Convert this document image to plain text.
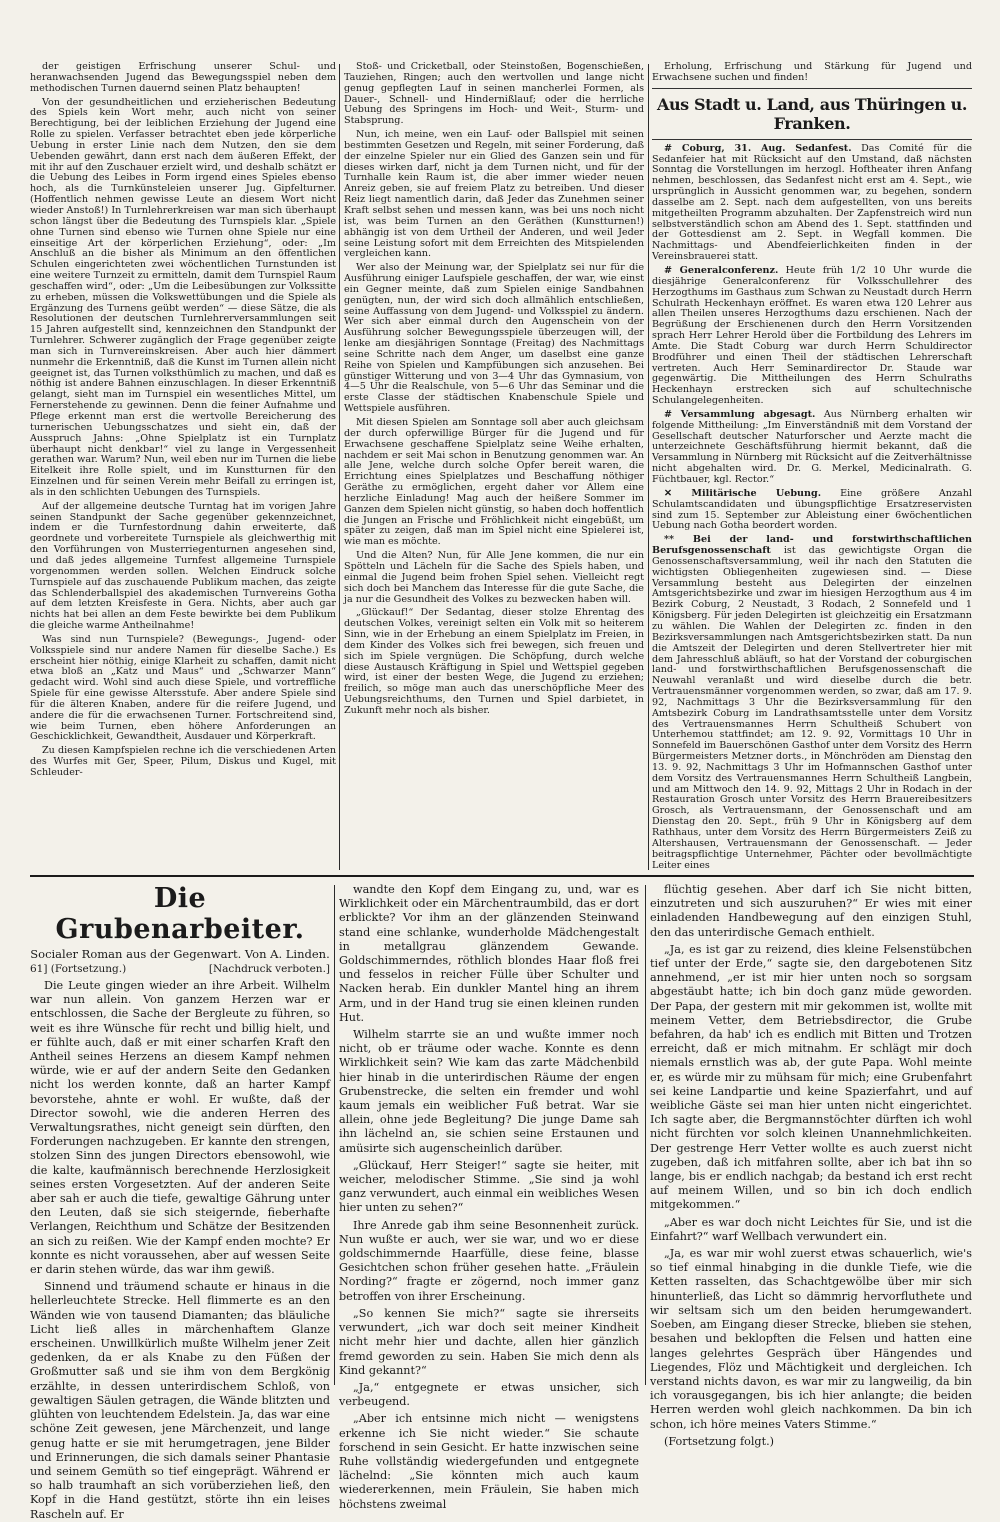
der geistigen Erfrischung unserer Schul- und heranwachsenden Jugend das Bewegungsspiel neben dem methodischen Turnen dauernd seinen Platz behaupten!

Von der gesundheitlichen und erzieherischen Bedeutung des Spiels kein Wort mehr, auch nicht von seiner Berechtigung, bei der leiblichen Erziehung der Jugend eine Rolle zu spielen. Verfasser betrachtet eben jede körperliche Uebung in erster Linie nach dem Nutzen, den sie dem Uebenden gewährt, dann erst nach dem äußeren Effekt, der mit ihr auf den Zuschauer erzielt wird, und deshalb schätzt er die Uebung des Leibes in Form irgend eines Spieles ebenso hoch, als die Turnkünsteleien unserer Jug. Gipfelturner. (Hoffentlich nehmen gewisse Leute an diesem Wort nicht wieder Anstoß!) In Turnlehrerkreisen war man sich überhaupt schon längst über die Bedeutung des Turnspiels klar. „Spiele ohne Turnen sind ebenso wie Turnen ohne Spiele nur eine einseitige Art der körperlichen Erziehung“, oder: „Im Anschluß an die bisher als Minimum an den öffentlichen Schulen eingerichteten zwei wöchentlichen Turnstunden ist eine weitere Turnzeit zu ermitteln, damit dem Turnspiel Raum geschaffen wird“, oder: „Um die Leibesübungen zur Volkssitte zu erheben, müssen die Volkswettübungen und die Spiele als Ergänzung des Turnens geübt werden“ — diese Sätze, die als Resolutionen der deutschen Turnlehrerversammlungen seit 15 Jahren aufgestellt sind, kennzeichnen den Standpunkt der Turnlehrer. Schwerer zugänglich der Frage gegenüber zeigte man sich in Turnvereinskreisen. Aber auch hier dämmert nunmehr die Erkenntniß, daß die Kunst im Turnen allein nicht geeignet ist, das Turnen volksthümlich zu machen, und daß es nöthig ist andere Bahnen einzuschlagen. In dieser Erkenntniß gelangt, sieht man im Turnspiel ein wesentliches Mittel, um Fernerstehende zu gewinnen. Denn die feiner Aufnahme und Pflege erkennt man erst die wertvolle Bereicherung des turnerischen Uebungsschatzes und sieht ein, daß der Ausspruch Jahns: „Ohne Spielplatz ist ein Turnplatz überhaupt nicht denkbar!“ viel zu lange in Vergessenheit gerathen war. Warum? Nun, weil eben nur im Turnen die liebe Eitelkeit ihre Rolle spielt, und im Kunstturnen für den Einzelnen und für seinen Verein mehr Beifall zu erringen ist, als in den schlichten Uebungen des Turnspiels.

Auf der allgemeine deutsche Turntag hat im vorigen Jahre seinen Standpunkt der Sache gegenüber gekennzeichnet, indem er die Turnfestordnung dahin erweiterte, daß geordnete und vorbereitete Turnspiele als gleichwerthig mit den Vorführungen von Musterriegenturnen angesehen sind, und daß jedes allgemeine Turnfest allgemeine Turnspiele vorgenommen werden sollen. Welchen Eindruck solche Turnspiele auf das zuschauende Publikum machen, das zeigte das Schlenderballspiel des akademischen Turnvereins Gotha auf dem letzten Kreisfeste in Gera. Nichts, aber auch gar nichts hat bei allen an dem Feste bewirkte bei dem Publikum die gleiche warme Antheilnahme!

Was sind nun Turnspiele? (Bewegungs-, Jugend- oder Volksspiele sind nur andere Namen für dieselbe Sache.) Es erscheint hier nöthig, einige Klarheit zu schaffen, damit nicht etwa bloß an „Katz und Maus“ und „Schwarzer Mann“ gedacht wird. Wohl sind auch diese Spiele, und vortreffliche Spiele für eine gewisse Altersstufe. Aber andere Spiele sind für die älteren Knaben, andere für die reifere Jugend, und andere die für die erwachsenen Turner. Fortschreitend sind, wie beim Turnen, eben höhere Anforderungen an Geschicklichkeit, Gewandtheit, Ausdauer und Körperkraft.

Zu diesen Kampfspielen rechne ich die verschiedenen Arten des Wurfes mit Ger, Speer, Pilum, Diskus und Kugel, mit Schleuder-

Stoß- und Cricketball, oder Steinstoßen, Bogenschießen, Tauziehen, Ringen; auch den wertvollen und lange nicht genug gepflegten Lauf in seinen mancherlei Formen, als Dauer-, Schnell- und Hindernißlauf; oder die herrliche Uebung des Springens im Hoch- und Weit-, Sturm- und Stabsprung.

Nun, ich meine, wen ein Lauf- oder Ballspiel mit seinen bestimmten Gesetzen und Regeln, mit seiner Forderung, daß der einzelne Spieler nur ein Glied des Ganzen sein und für dieses wirken darf, nicht ja dem Turnen nicht, und für der Turnhalle kein Raum ist, die aber immer wieder neuen Anreiz geben, sie auf freiem Platz zu betreiben. Und dieser Reiz liegt namentlich darin, daß Jeder das Zunehmen seiner Kraft selbst sehen und messen kann, was bei uns noch nicht ist, was beim Turnen an den Geräthen (Kunstturnen!) abhängig ist von dem Urtheil der Anderen, und weil Jeder seine Leistung sofort mit dem Erreichten des Mitspielenden vergleichen kann.

Wer also der Meinung war, der Spielplatz sei nur für die Ausführung einiger Laufspiele geschaffen, der war, wie einst ein Gegner meinte, daß zum Spielen einige Sandbahnen genügten, nun, der wird sich doch allmählich entschließen, seine Auffassung von dem Jugend- und Volksspiel zu ändern. Wer sich aber einmal durch den Augenschein von der Ausführung solcher Bewegungsspiele überzeugen will, der lenke am diesjährigen Sonntage (Freitag) des Nachmittags seine Schritte nach dem Anger, um daselbst eine ganze Reihe von Spielen und Kampfübungen sich anzusehen. Bei günstiger Witterung und von 3—4 Uhr das Gymnasium, von 4—5 Uhr die Realschule, von 5—6 Uhr das Seminar und die erste Classe der städtischen Knabenschule Spiele und Wettspiele ausführen.

Mit diesen Spielen am Sonntage soll aber auch gleichsam der durch opferwillige Bürger für die Jugend und für Erwachsene geschaffene Spielplatz seine Weihe erhalten, nachdem er seit Mai schon in Benutzung genommen war. An alle Jene, welche durch solche Opfer bereit waren, die Errichtung eines Spielplatzes und Beschaffung nöthiger Geräthe zu ermöglichen, ergeht daher vor Allem eine herzliche Einladung! Mag auch der heißere Sommer im Ganzen dem Spielen nicht günstig, so haben doch hoffentlich die Jungen an Frische und Fröhlichkeit nicht eingebüßt, um später zu zeigen, daß man im Spiel nicht eine Spielerei ist, wie man es möchte.

Und die Alten? Nun, für Alle Jene kommen, die nur ein Spötteln und Lächeln für die Sache des Spiels haben, und einmal die Jugend beim frohen Spiel sehen. Vielleicht regt sich doch bei Manchem das Interesse für die gute Sache, die ja nur die Gesundheit des Volkes zu bezwecken haben will.

„Glückauf!“ Der Sedantag, dieser stolze Ehrentag des deutschen Volkes, vereinigt selten ein Volk mit so heiterem Sinn, wie in der Erhebung an einem Spielplatz im Freien, in dem Kinder des Volkes sich frei bewegen, sich freuen und sich im Spiele vergnügen. Die Schöpfung, durch welche diese Austausch Kräftigung in Spiel und Wettspiel gegeben wird, ist einer der besten Wege, die Jugend zu erziehen; freilich, so möge man auch das unerschöpfliche Meer des Uebungsreichthums, den Turnen und Spiel darbietet, in Zukunft mehr noch als bisher.

Erholung, Erfrischung und Stärkung für Jugend und Erwachsene suchen und finden!

Aus Stadt u. Land, aus Thüringen u. Franken.

# Coburg, 31. Aug. Sedanfest. Das Comité für die Sedanfeier hat mit Rücksicht auf den Umstand, daß nächsten Sonntag die Vorstellungen im herzogl. Hoftheater ihren Anfang nehmen, beschlossen, das Sedanfest nicht erst am 4. Sept., wie ursprünglich in Aussicht genommen war, zu begehen, sondern dasselbe am 2. Sept. nach dem aufgestellten, von uns bereits mitgetheilten Programm abzuhalten. Der Zapfenstreich wird nun selbstverständlich schon am Abend des 1. Sept. stattfinden und der Gottesdienst am 2. Sept. in Wegfall kommen. Die Nachmittags- und Abendfeierlichkeiten finden in der Vereinsbrauerei statt.

# Generalconferenz. Heute früh 1/2 10 Uhr wurde die diesjährige Generalconferenz für Volksschullehrer des Herzogthums im Gasthaus zum Schwan zu Neustadt durch Herrn Schulrath Heckenhayn eröffnet. Es waren etwa 120 Lehrer aus allen Theilen unseres Herzogthums dazu erschienen. Nach der Begrüßung der Erschienenen durch den Herrn Vorsitzenden sprach Herr Lehrer Herold über die Fortbildung des Lehrers im Amte. Die Stadt Coburg war durch Herrn Schuldirector Brodführer und einen Theil der städtischen Lehrerschaft vertreten. Auch Herr Seminardirector Dr. Staude war gegenwärtig. Die Mittheilungen des Herrn Schulraths Heckenhayn erstrecken sich auf schultechnische Schulangelegenheiten.

# Versammlung abgesagt. Aus Nürnberg erhalten wir folgende Mittheilung: „Im Einverständniß mit dem Vorstand der Gesellschaft deutscher Naturforscher und Aerzte macht die unterzeichnete Geschäftsführung hiermit bekannt, daß die Versammlung in Nürnberg mit Rücksicht auf die Zeitverhältnisse nicht abgehalten wird. Dr. G. Merkel, Medicinalrath. G. Füchtbauer, kgl. Rector.“

✕ Militärische Uebung. Eine größere Anzahl Schulamtscandidaten und übungspflichtige Ersatzreservisten sind zum 15. September zur Ableistung einer 6wöchentlichen Uebung nach Gotha beordert worden.

** Bei der land- und forstwirthschaftlichen Berufsgenossenschaft ist das gewichtigste Organ die Genossenschaftsversammlung, weil ihr nach den Statuten die wichtigsten Obliegenheiten zugewiesen sind. — Diese Versammlung besteht aus Delegirten der einzelnen Amtsgerichtsbezirke und zwar im hiesigen Herzogthum aus 4 im Bezirk Coburg, 2 Neustadt, 3 Rodach, 2 Sonnefeld und 1 Königsberg. Für jeden Delegirten ist gleichzeitig ein Ersatzmann zu wählen. Die Wahlen der Delegirten zc. finden in den Bezirksversammlungen nach Amtsgerichtsbezirken statt. Da nun die Amtszeit der Delegirten und deren Stellvertreter hier mit dem Jahresschluß abläuft, so hat der Vorstand der coburgischen land- und forstwirthschaftlichen Berufsgenossenschaft die Neuwahl veranlaßt und wird dieselbe durch die betr. Vertrauensmänner vorgenommen werden, so zwar, daß am 17. 9. 92, Nachmittags 3 Uhr die Bezirksversammlung für den Amtsbezirk Coburg im Landrathsamtsstelle unter dem Vorsitz des Vertrauensmannes Herrn Schultheiß Schubert von Unterhemou stattfindet; am 12. 9. 92, Vormittags 10 Uhr in Sonnefeld im Bauerschönen Gasthof unter dem Vorsitz des Herrn Bürgermeisters Metzner dorts., in Mönchröden am Dienstag den 13. 9. 92, Nachmittags 3 Uhr im Hofmannschen Gasthof unter dem Vorsitz des Vertrauensmannes Herrn Schultheiß Langbein, und am Mittwoch den 14. 9. 92, Mittags 2 Uhr in Rodach in der Restauration Grosch unter Vorsitz des Herrn Brauereibesitzers Grosch, als Vertrauensmann, der Genossenschaft und am Dienstag den 20. Sept., früh 9 Uhr in Königsberg auf dem Rathhaus, unter dem Vorsitz des Herrn Bürgermeisters Zeiß zu Altershausen, Vertrauensmann der Genossenschaft. — Jeder beitragspflichtige Unternehmer, Pächter oder bevollmächtigte Leiter eines

Die Grubenarbeiter.
Socialer Roman aus der Gegenwart. Von A. Linden.
61] (Fortsetzung.)	[Nachdruck verboten.]

Die Leute gingen wieder an ihre Arbeit. Wilhelm war nun allein. Von ganzem Herzen war er entschlossen, die Sache der Bergleute zu führen, so weit es ihre Wünsche für recht und billig hielt, und er fühlte auch, daß er mit einer scharfen Kraft den Antheil seines Herzens an diesem Kampf nehmen würde, wie er auf der andern Seite den Gedanken nicht los werden konnte, daß an harter Kampf bevorstehe, ahnte er wohl. Er wußte, daß der Director sowohl, wie die anderen Herren des Verwaltungsrathes, nicht geneigt sein dürften, den Forderungen nachzugeben. Er kannte den strengen, stolzen Sinn des jungen Directors ebensowohl, wie die kalte, kaufmännisch berechnende Herzlosigkeit seines ersten Vorgesetzten. Auf der anderen Seite aber sah er auch die tiefe, gewaltige Gährung unter den Leuten, daß sie sich steigernde, fieberhafte Verlangen, Reichthum und Schätze der Besitzenden an sich zu reißen. Wie der Kampf enden mochte? Er konnte es nicht voraussehen, aber auf wessen Seite er darin stehen würde, das war ihm gewiß.

Sinnend und träumend schaute er hinaus in die hellerleuchtete Strecke. Hell flimmerte es an den Wänden wie von tausend Diamanten; das bläuliche Licht ließ alles in märchenhaftem Glanze erscheinen. Unwillkürlich mußte Wilhelm jener Zeit gedenken, da er als Knabe zu den Füßen der Großmutter saß und sie ihm von dem Bergkönig erzählte, in dessen unterirdischem Schloß, von gewaltigen Säulen getragen, die Wände blitzten und glühten von leuchtendem Edelstein. Ja, das war eine schöne Zeit gewesen, jene Märchenzeit, und lange genug hatte er sie mit herumgetragen, jene Bilder und Erinnerungen, die sich damals seiner Phantasie und seinem Gemüth so tief eingeprägt. Während er so halb traumhaft an sich vorüberziehen ließ, den Kopf in die Hand gestützt, störte ihn ein leises Rascheln auf. Er

wandte den Kopf dem Eingang zu, und, war es Wirklichkeit oder ein Märchentraumbild, das er dort erblickte? Vor ihm an der glänzenden Steinwand stand eine schlanke, wunderholde Mädchengestalt in metallgrau glänzendem Gewande. Goldschimmerndes, röthlich blondes Haar floß frei und fesselos in reicher Fülle über Schulter und Nacken herab. Ein dunkler Mantel hing an ihrem Arm, und in der Hand trug sie einen kleinen runden Hut.

Wilhelm starrte sie an und wußte immer noch nicht, ob er träume oder wache. Konnte es denn Wirklichkeit sein? Wie kam das zarte Mädchenbild hier hinab in die unterirdischen Räume der engen Grubenstrecke, die selten ein fremder und wohl kaum jemals ein weiblicher Fuß betrat. War sie allein, ohne jede Begleitung? Die junge Dame sah ihn lächelnd an, sie schien seine Erstaunen und amüsirte sich augenscheinlich darüber.

„Glückauf, Herr Steiger!“ sagte sie heiter, mit weicher, melodischer Stimme. „Sie sind ja wohl ganz verwundert, auch einmal ein weibliches Wesen hier unten zu sehen?“

Ihre Anrede gab ihm seine Besonnenheit zurück. Nun wußte er auch, wer sie war, und wo er diese goldschimmernde Haarfülle, diese feine, blasse Gesichtchen schon früher gesehen hatte. „Fräulein Nording?“ fragte er zögernd, noch immer ganz betroffen von ihrer Erscheinung.

„So kennen Sie mich?“ sagte sie ihrerseits verwundert, „ich war doch seit meiner Kindheit nicht mehr hier und dachte, allen hier gänzlich fremd geworden zu sein. Haben Sie mich denn als Kind gekannt?“

„Ja,“ entgegnete er etwas unsicher, sich verbeugend.

„Aber ich entsinne mich nicht — wenigstens erkenne ich Sie nicht wieder.“ Sie schaute forschend in sein Gesicht. Er hatte inzwischen seine Ruhe vollständig wiedergefunden und entgegnete lächelnd: „Sie könnten mich auch kaum wiedererkennen, mein Fräulein, Sie haben mich höchstens zweimal

flüchtig gesehen. Aber darf ich Sie nicht bitten, einzutreten und sich auszuruhen?“ Er wies mit einer einladenden Handbewegung auf den einzigen Stuhl, den das unterirdische Gemach enthielt.

„Ja, es ist gar zu reizend, dies kleine Felsenstübchen tief unter der Erde,“ sagte sie, den dargebotenen Sitz annehmend, „er ist mir hier unten noch so sorgsam abgestäubt hatte; ich bin doch ganz müde geworden. Der Papa, der gestern mit mir gekommen ist, wollte mit meinem Vetter, dem Betriebsdirector, die Grube befahren, da hab' ich es endlich mit Bitten und Trotzen erreicht, daß er mich mitnahm. Er schlägt mir doch niemals ernstlich was ab, der gute Papa. Wohl meinte er, es würde mir zu mühsam für mich; eine Grubenfahrt sei keine Landpartie und keine Spazierfahrt, und auf weibliche Gäste sei man hier unten nicht eingerichtet. Ich sagte aber, die Bergmannstöchter dürften ich wohl nicht fürchten vor solch kleinen Unannehmlichkeiten. Der gestrenge Herr Vetter wollte es auch zuerst nicht zugeben, daß ich mitfahren sollte, aber ich bat ihn so lange, bis er endlich nachgab; da bestand ich erst recht auf meinem Willen, und so bin ich doch endlich mitgekommen.“

„Aber es war doch nicht Leichtes für Sie, und ist die Einfahrt?“ warf Wellbach verwundert ein.

„Ja, es war mir wohl zuerst etwas schauerlich, wie's so tief einmal hinabging in die dunkle Tiefe, wie die Ketten rasselten, das Schachtgewölbe über mir sich hinunterließ, das Licht so dämmrig hervorfluthete und wir seltsam sich um den beiden herumgewandert. Soeben, am Eingang dieser Strecke, blieben sie stehen, besahen und beklopften die Felsen und hatten eine langes gelehrtes Gespräch über Hängendes und Liegendes, Flöz und Mächtigkeit und dergleichen. Ich verstand nichts davon, es war mir zu langweilig, da bin ich vorausgegangen, bis ich hier anlangte; die beiden Herren werden wohl gleich nachkommen. Da bin ich schon, ich höre meines Vaters Stimme.“

(Fortsetzung folgt.)
